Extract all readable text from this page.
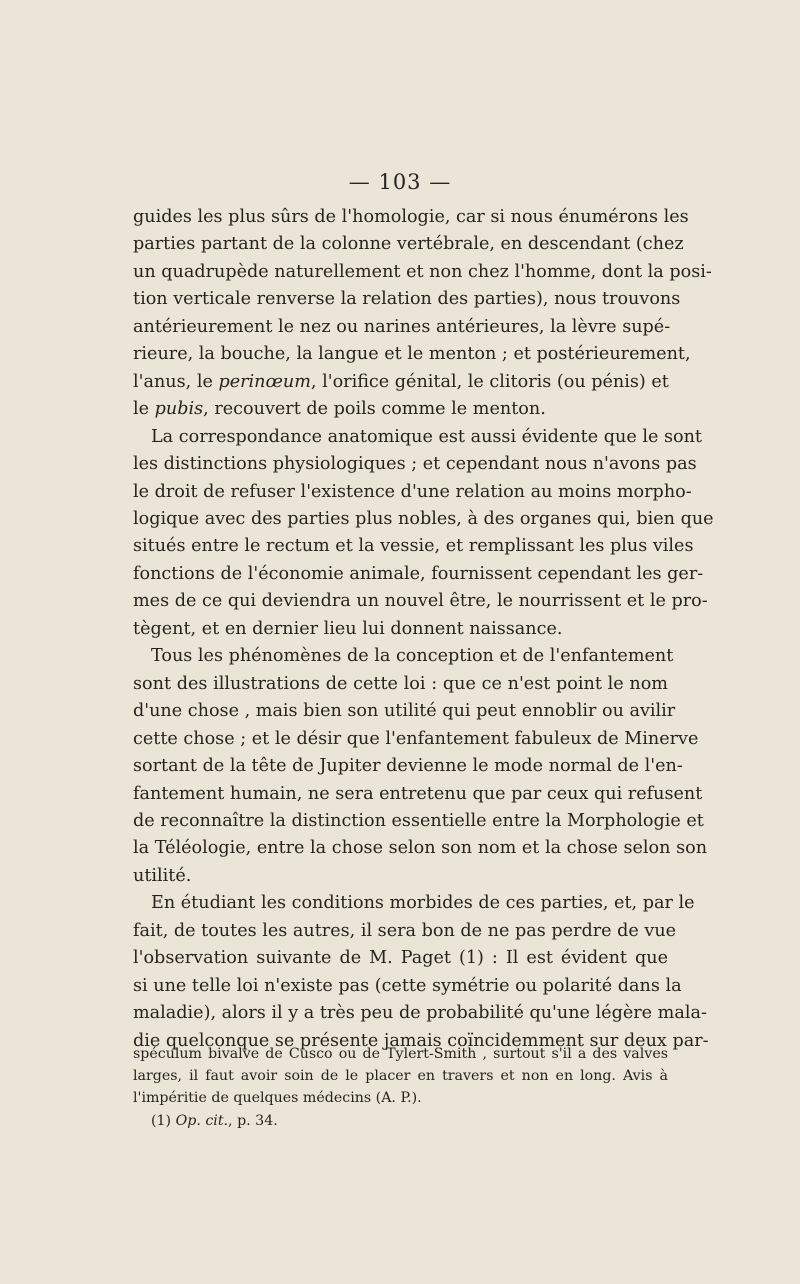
— 103 —
guides les plus sûrs de l'homologie, car si nous énumérons les
parties partant de la colonne vertébrale, en descendant (chez
un quadrupède naturellement et non chez l'homme, dont la posi-
tion verticale renverse la relation des parties), nous trouvons
antérieurement le nez ou narines antérieures, la lèvre supé-
rieure, la bouche, la langue et le menton ; et postérieurement,
l'anus, le perinœum, l'orifice génital, le clitoris (ou pénis) et
le pubis, recouvert de poils comme le menton.
La correspondance anatomique est aussi évidente que le sont
les distinctions physiologiques ; et cependant nous n'avons pas
le droit de refuser l'existence d'une relation au moins morpho-
logique avec des parties plus nobles, à des organes qui, bien que
situés entre le rectum et la vessie, et remplissant les plus viles
fonctions de l'économie animale, fournissent cependant les ger-
mes de ce qui deviendra un nouvel être, le nourrissent et le pro-
tègent, et en dernier lieu lui donnent naissance.
Tous les phénomènes de la conception et de l'enfantement
sont des illustrations de cette loi : que ce n'est point le nom
d'une chose , mais bien son utilité qui peut ennoblir ou avilir
cette chose ; et le désir que l'enfantement fabuleux de Minerve
sortant de la tête de Jupiter devienne le mode normal de l'en-
fantement humain, ne sera entretenu que par ceux qui refusent
de reconnaître la distinction essentielle entre la Morphologie et
la Téléologie, entre la chose selon son nom et la chose selon son
utilité.
En étudiant les conditions morbides de ces parties, et, par le
fait, de toutes les autres, il sera bon de ne pas perdre de vue
l'observation suivante de M. Paget (1) : Il est évident que
si une telle loi n'existe pas (cette symétrie ou polarité dans la
maladie), alors il y a très peu de probabilité qu'une légère mala-
die quelconque se présente jamais coïncidemment sur deux par-
spéculum bivalve de Cusco ou de Tylert-Smith , surtout s'il a des valves
larges, il faut avoir soin de le placer en travers et non en long. Avis à
l'impéritie de quelques médecins (A. P.).
(1) Op. cit., p. 34.
